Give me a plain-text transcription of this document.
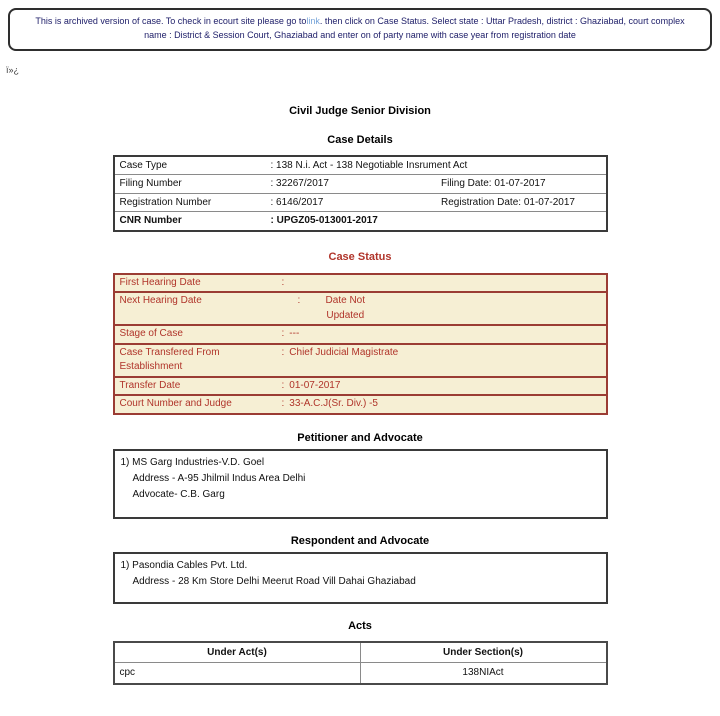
This is archived version of case. To check in ecourt site please go tolink. then click on Case Status. Select state : Uttar Pradesh, district : Ghaziabad, court complex name : District & Session Court, Ghaziabad and enter on of party name with case year from registration date
ï»¿
Civil Judge Senior Division
Case Details
Case Type	: 138 N.i. Act - 138 Negotiable Insrument Act	
Filing Number	: 32267/2017	Filing Date: 01-07-2017
Registration Number	: 6146/2017	Registration Date: 01-07-2017
CNR Number	: UPGZ05-013001-2017	
Case Status
First Hearing Date	:
Next Hearing Date	: Date Not Updated
Stage of Case	: ---
Case Transfered From Establishment	: Chief Judicial Magistrate
Transfer Date	: 01-07-2017
Court Number and Judge	: 33-A.C.J(Sr. Div.) -5
Petitioner and Advocate
1) MS Garg Industries-V.D. Goel
Address - A-95 Jhilmil Indus Area Delhi
Advocate- C.B. Garg
Respondent and Advocate
1) Pasondia Cables Pvt. Ltd.
Address - 28 Km Store Delhi Meerut Road Vill Dahai Ghaziabad
Acts
Under Act(s)	Under Section(s)
cpc	138NIAct
